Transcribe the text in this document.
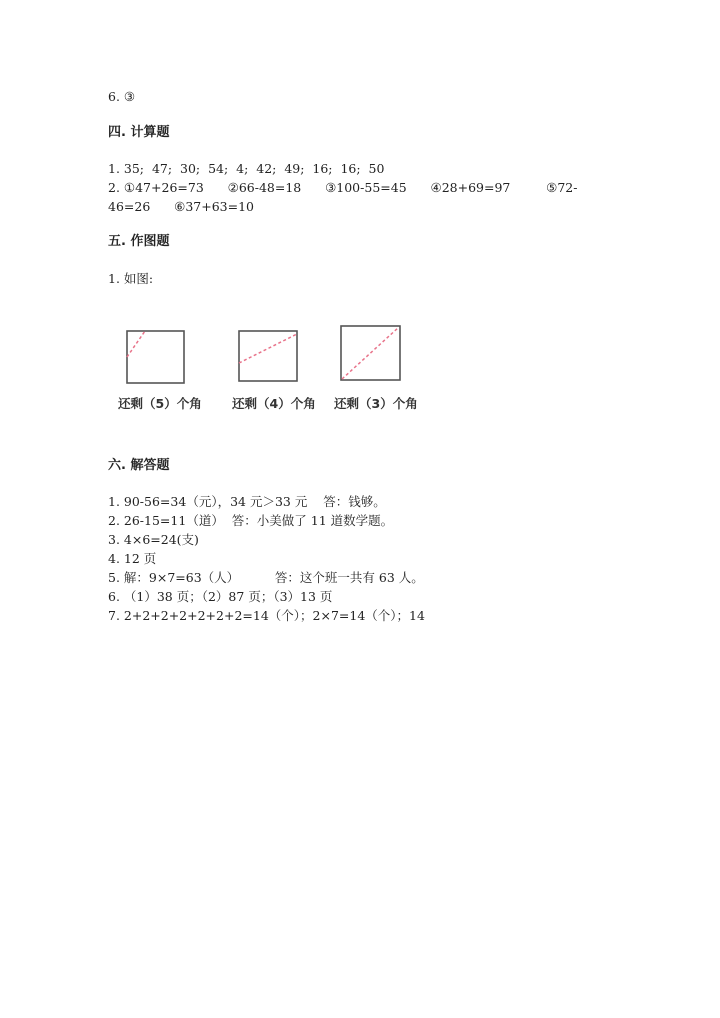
6. ③
四. 计算题
1. 35;  47;  30;  54;  4;  42;  49;  16;  16;  50
2. ①47+26=73      ②66-48=18      ③100-55=45      ④28+69=97         ⑤72-
46=26      ⑥37+63=10
五. 作图题
1. 如图:
还剩（5）个角 还剩（4）个角 还剩（3）个角
六. 解答题
1. 90-56=34（元），34 元＞33 元    答：钱够。
2. 26-15=11（道）  答：小美做了 11 道数学题。
3. 4×6=24(支)
4. 12 页
5. 解：9×7=63（人）         答：这个班一共有 63 人。
6. （1）38 页；（2）87 页；（3）13 页
7. 2+2+2+2+2+2+2=14（个）；2×7=14（个）；14
